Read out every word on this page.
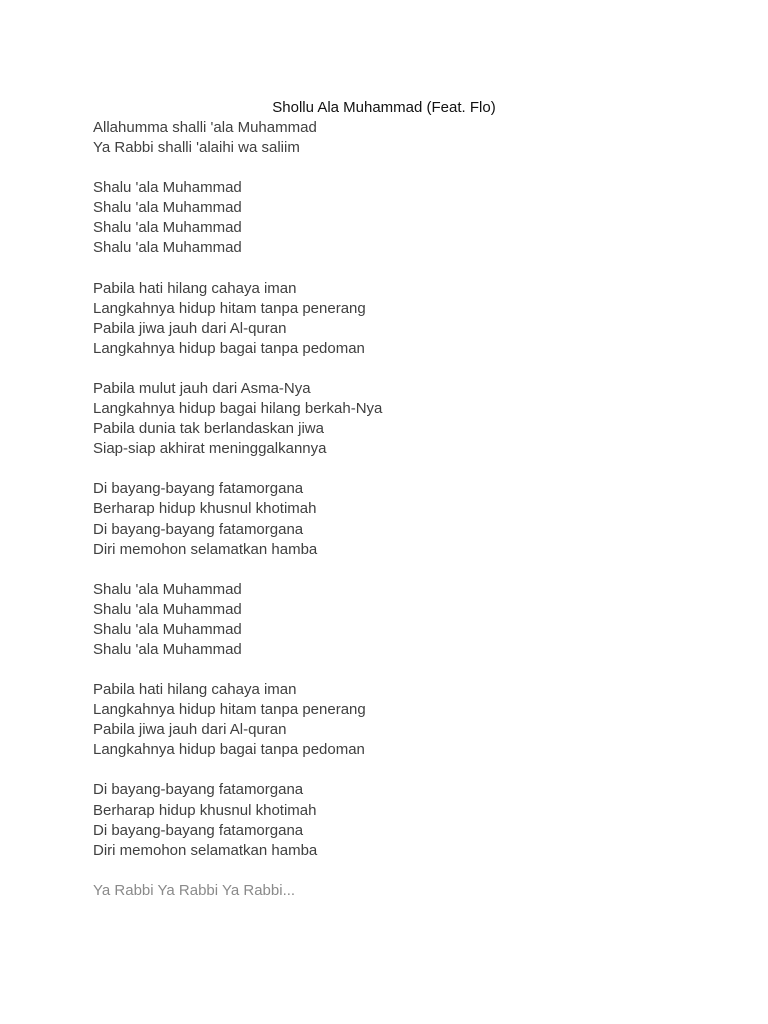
Shollu Ala Muhammad (Feat. Flo)
Allahumma shalli 'ala Muhammad
Ya Rabbi shalli 'alaihi wa saliim
Shalu 'ala Muhammad
Shalu 'ala Muhammad
Shalu 'ala Muhammad
Shalu 'ala Muhammad
Pabila hati hilang cahaya iman
Langkahnya hidup hitam tanpa penerang
Pabila jiwa jauh dari Al-quran
Langkahnya hidup bagai tanpa pedoman
Pabila mulut jauh dari Asma-Nya
Langkahnya hidup bagai hilang berkah-Nya
Pabila dunia tak berlandaskan jiwa
Siap-siap akhirat meninggalkannya
Di bayang-bayang fatamorgana
Berharap hidup khusnul khotimah
Di bayang-bayang fatamorgana
Diri memohon selamatkan hamba
Shalu 'ala Muhammad
Shalu 'ala Muhammad
Shalu 'ala Muhammad
Shalu 'ala Muhammad
Pabila hati hilang cahaya iman
Langkahnya hidup hitam tanpa penerang
Pabila jiwa jauh dari Al-quran
Langkahnya hidup bagai tanpa pedoman
Di bayang-bayang fatamorgana
Berharap hidup khusnul khotimah
Di bayang-bayang fatamorgana
Diri memohon selamatkan hamba
Ya Rabbi Ya Rabbi Ya Rabbi...
